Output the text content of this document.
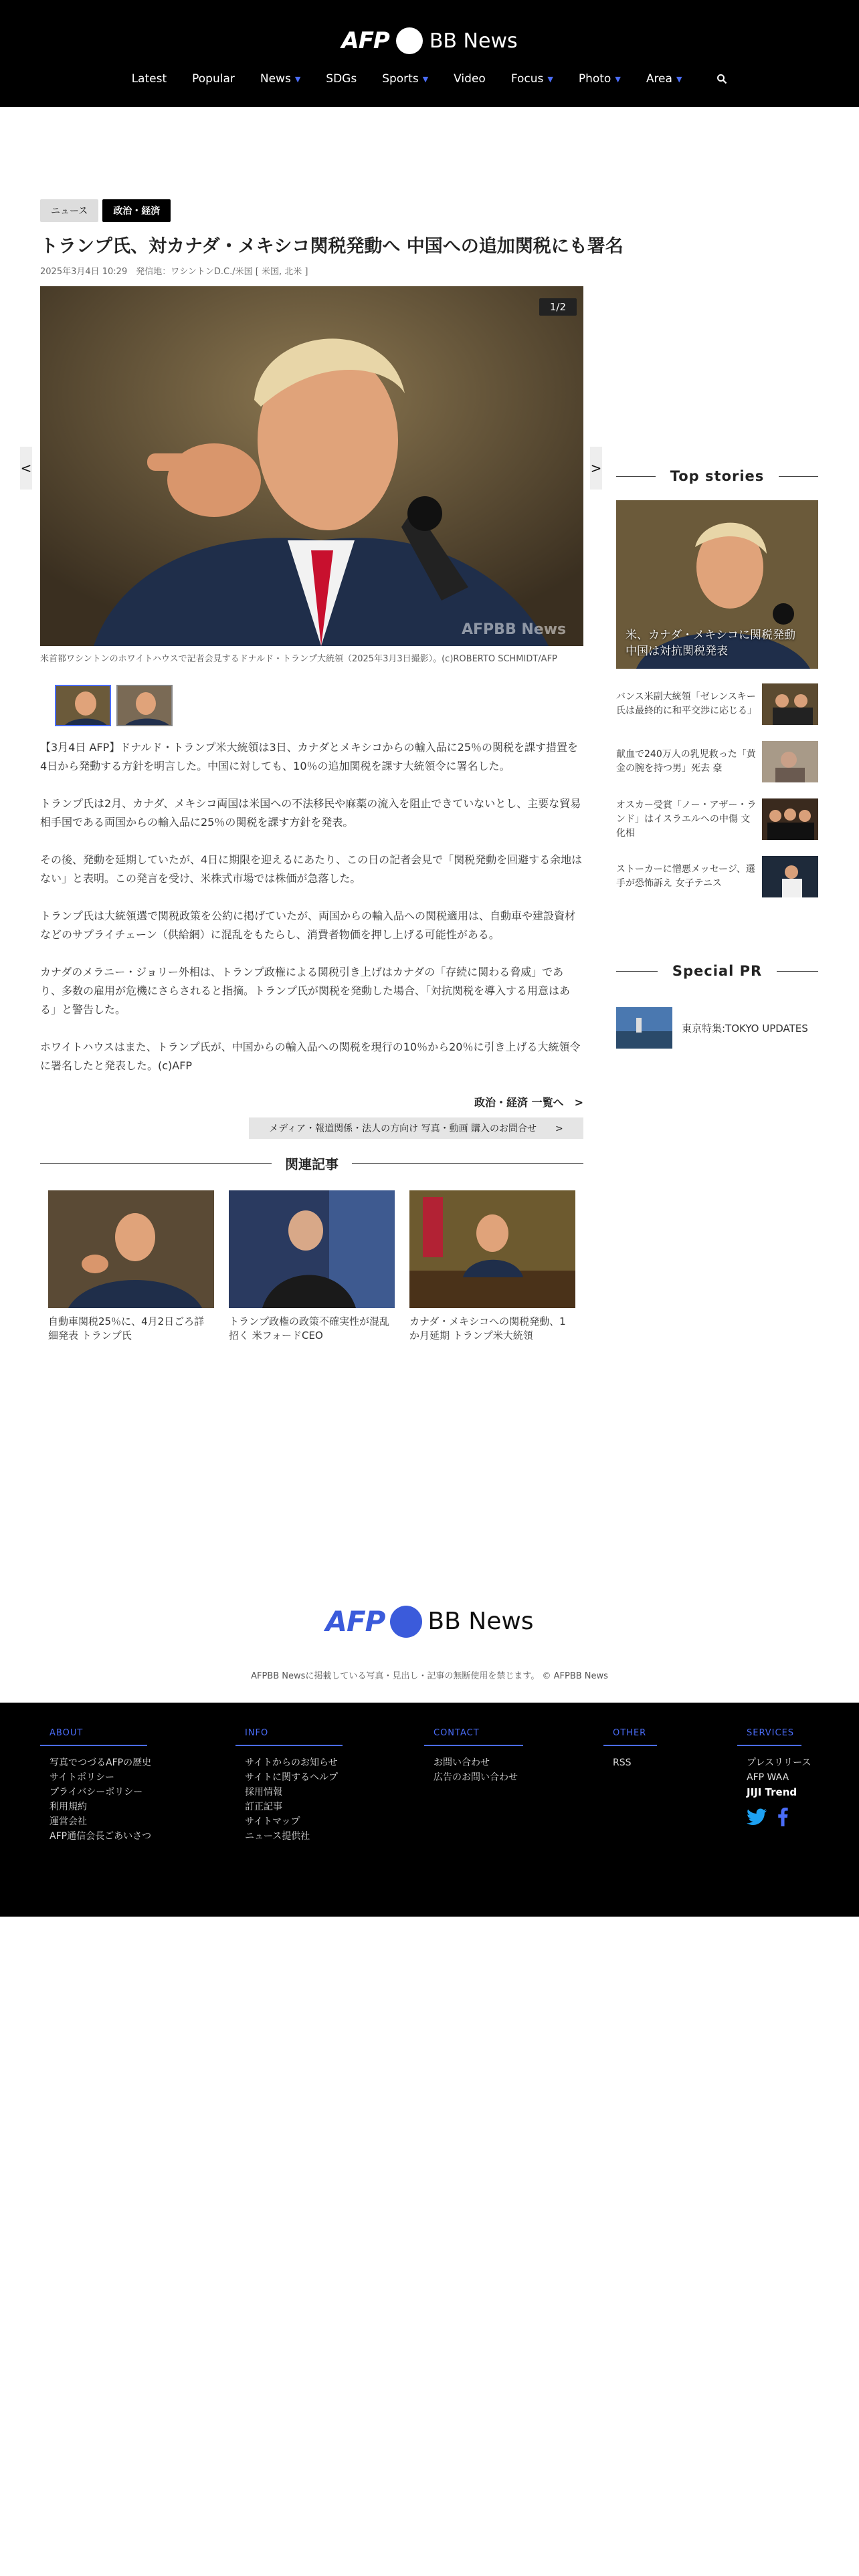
AFP BB News
Latest Popular News ▼ SDGs Sports ▼ Video Focus ▼ Photo ▼ Area ▼
<	>
ニュース	政治・経済
トランプ氏、対カナダ・メキシコ関税発動へ 中国への追加関税にも署名
2025年3月4日 10:29　発信地：ワシントンD.C./米国 [ 米国, 北米 ]
AFPBB News
1/2
米首都ワシントンのホワイトハウスで記者会見するドナルド・トランプ大統領（2025年3月3日撮影）。(c)ROBERTO SCHMIDT/AFP

【3月4日 AFP】ドナルド・トランプ米大統領は3日、カナダとメキシコからの輸入品に25％の関税を課す措置を4日から発動する方針を明言した。中国に対しても、10％の追加関税を課す大統領令に署名した。

トランプ氏は2月、カナダ、メキシコ両国は米国への不法移民や麻薬の流入を阻止できていないとし、主要な貿易相手国である両国からの輸入品に25％の関税を課す方針を発表。

その後、発動を延期していたが、4日に期限を迎えるにあたり、この日の記者会見で「関税発動を回避する余地はない」と表明。この発言を受け、米株式市場では株価が急落した。

トランプ氏は大統領選で関税政策を公約に掲げていたが、両国からの輸入品への関税適用は、自動車や建設資材などのサプライチェーン（供給網）に混乱をもたらし、消費者物価を押し上げる可能性がある。

カナダのメラニー・ジョリー外相は、トランプ政権による関税引き上げはカナダの「存続に関わる脅威」であり、多数の雇用が危機にさらされると指摘。トランプ氏が関税を発動した場合、「対抗関税を導入する用意はある」と警告した。

ホワイトハウスはまた、トランプ氏が、中国からの輸入品への関税を現行の10％から20％に引き上げる大統領令に署名したと発表した。(c)AFP

政治・経済 一覧へ　>
メディア・報道関係・法人の方向け 写真・動画 購入のお問合せ　　>
関連記事
自動車関税25％に、4月2日ごろ詳細発表 トランプ氏
トランプ政権の政策不確実性が混乱招く 米フォードCEO
カナダ・メキシコへの関税発動、1か月延期 トランプ米大統領
Top stories
米、カナダ・メキシコに関税発動 中国は対抗関税発表
バンス米副大統領「ゼレンスキー氏は最終的に和平交渉に応じる」
献血で240万人の乳児救った「黄金の腕を持つ男」死去 豪
オスカー受賞「ノー・アザー・ランド」はイスラエルへの中傷 文化相
ストーカーに憎悪メッセージ、選手が恐怖訴え 女子テニス
Special PR
東京特集:TOKYO UPDATES
AFP BB News
AFPBB Newsに掲載している写真・見出し・記事の無断使用を禁じます。 © AFPBB News
ABOUT
写真でつづるAFPの歴史
サイトポリシー
プライバシーポリシー
利用規約
運営会社
AFP通信会長ごあいさつ
INFO
サイトからのお知らせ
サイトに関するヘルプ
採用情報
訂正記事
サイトマップ
ニュース提供社
CONTACT
お問い合わせ
広告のお問い合わせ
OTHER
RSS
SERVICES
プレスリリース
AFP WAA
JIJI Trend
